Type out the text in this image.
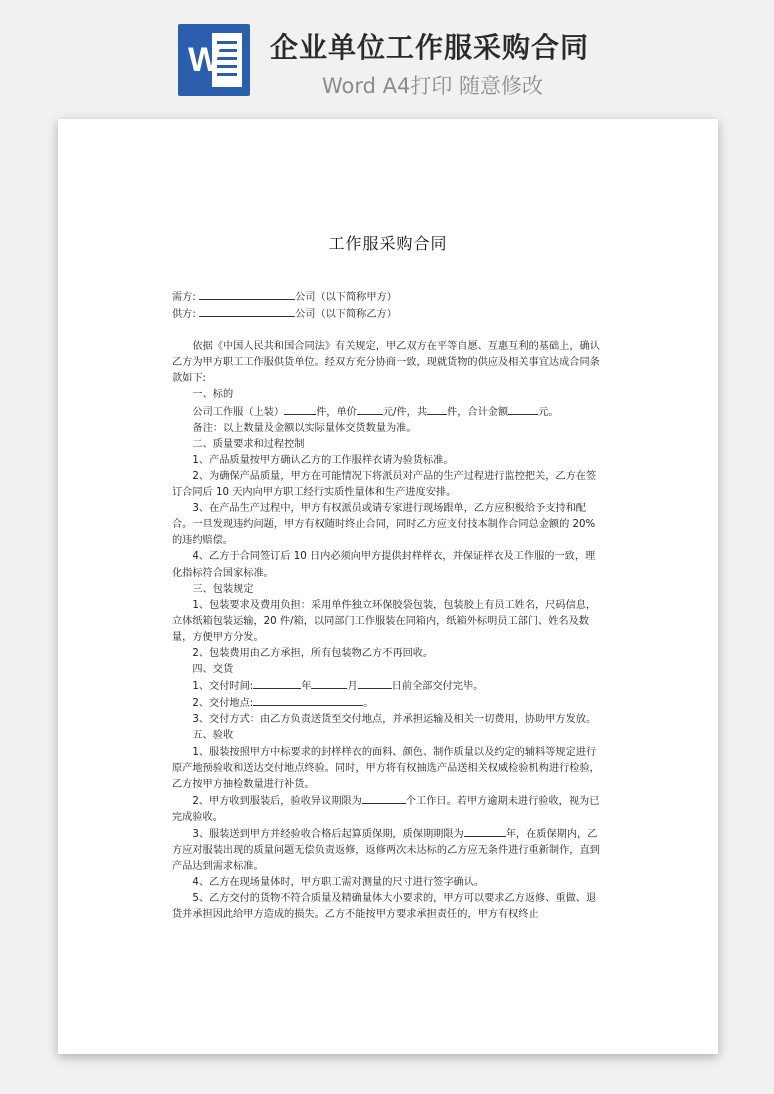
W 企业单位工作服采购合同
Word A4打印 随意修改
工作服采购合同

需方:	公司（以下简称甲方）

供方:	公司（以下简称乙方）

依据《中国人民共和国合同法》有关规定，甲乙双方在平等自愿、互惠互利的基础上，确认乙方为甲方职工工作服供货单位。经双方充分协商一致，现就货物的供应及相关事宜达成合同条款如下:

一、标的

公司工作服（上装）	件，单价	元/件，共 件，合计金额	元。

备注：以上数量及金额以实际量体交货数量为准。

二、质量要求和过程控制

1、产品质量按甲方确认乙方的工作服样衣请为验货标准。

2、为确保产品质量，甲方在可能情况下将派员对产品的生产过程进行监控把关，乙方在签订合同后 10 天内向甲方职工经行实质性量体和生产进度安排。

3、在产品生产过程中，甲方有权派员或请专家进行现场跟单，乙方应积极给予支持和配合。一旦发现违约问题，甲方有权随时终止合同，同时乙方应支付技本制作合同总金额的 20%的违约赔偿。

4、乙方于合同签订后 10 日内必须向甲方提供封样样衣，并保证样衣及工作服的一致，理化指标符合国家标准。

三、包装规定

1、包装要求及费用负担：采用单件独立环保胶袋包装，包装胶上有员工姓名，尺码信息，立体纸箱包装运输，20 件/箱，以同部门工作服装在同箱内，纸箱外标明员工部门、姓名及数量，方便甲方分发。

2、包装费用由乙方承担，所有包装物乙方不再回收。

四、交货

1、交付时间:	年	月	日前全部交付完毕。

2、交付地点:	。

3、交付方式：由乙方负责送货至交付地点，并承担运输及相关一切费用，协助甲方发放。

五、验收

1、服装按照甲方中标要求的封样样衣的面料、颜色、制作质量以及约定的辅料等规定进行原产地预验收和送达交付地点终验。同时，甲方将有权抽选产品送相关权威检验机构进行检验，乙方按甲方抽检数量进行补货。

2、甲方收到服装后，验收异议期限为	个工作日。若甲方逾期未进行验收，视为已完成验收。

3、服装送到甲方并经验收合格后起算质保期，质保期期限为	年，在质保期内，乙方应对服装出现的质量问题无偿负责返修，返修两次未达标的乙方应无条件进行重新制作，直到产品达到需求标准。

4、乙方在现场量体时，甲方职工需对测量的尺寸进行签字确认。

5、乙方交付的货物不符合质量及精确量体大小要求的，甲方可以要求乙方返修、重做、退货并承担因此给甲方造成的损失。乙方不能按甲方要求承担责任的，甲方有权终止
